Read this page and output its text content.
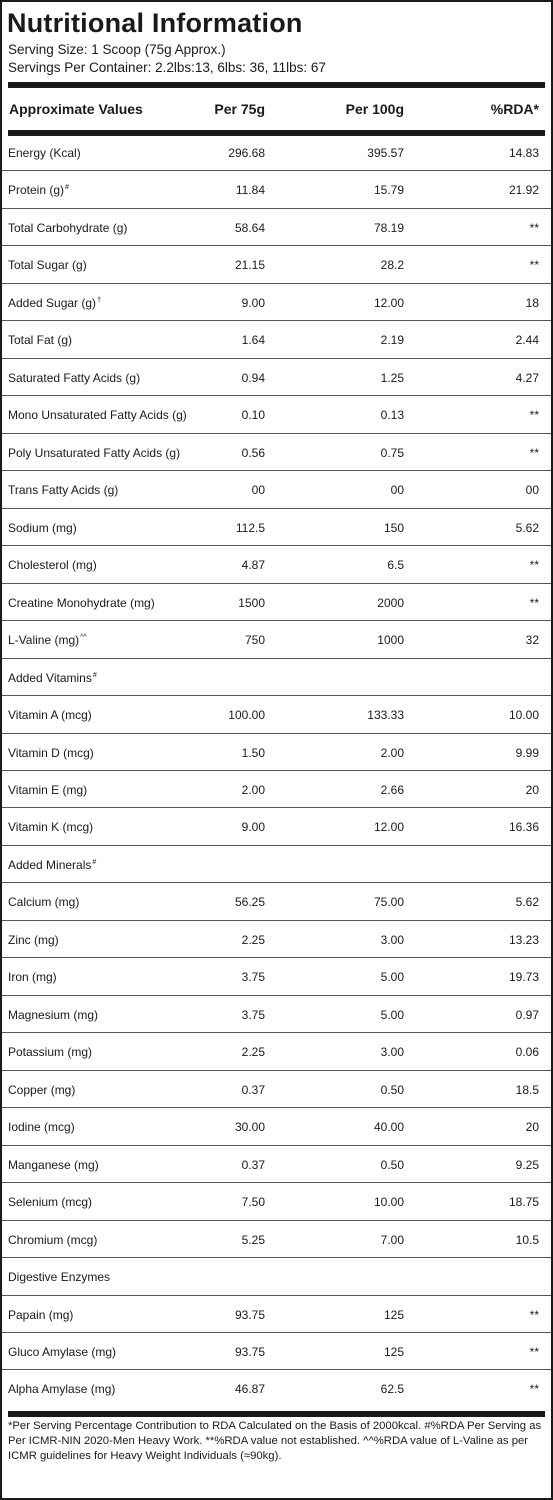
Nutritional Information
Serving Size: 1 Scoop (75g Approx.)
Servings Per Container: 2.2lbs:13, 6lbs: 36, 11lbs: 67
Approximate Values	Per 75g	Per 100g	%RDA*
Energy (Kcal)	296.68	395.57	14.83
Protein (g)#	11.84	15.79	21.92
Total Carbohydrate (g)	58.64	78.19	**
Total Sugar (g)	21.15	28.2	**
Added Sugar (g)†	9.00	12.00	18
Total Fat (g)	1.64	2.19	2.44
Saturated Fatty Acids (g)	0.94	1.25	4.27
Mono Unsaturated Fatty Acids (g)	0.10	0.13	**
Poly Unsaturated Fatty Acids (g)	0.56	0.75	**
Trans Fatty Acids (g)	00	00	00
Sodium (mg)	112.5	150	5.62
Cholesterol (mg)	4.87	6.5	**
Creatine Monohydrate (mg)	1500	2000	**
L-Valine (mg)^^	750	1000	32
Added Vitamins#
Vitamin A (mcg)	100.00	133.33	10.00
Vitamin D (mcg)	1.50	2.00	9.99
Vitamin E (mg)	2.00	2.66	20
Vitamin K (mcg)	9.00	12.00	16.36
Added Minerals#
Calcium (mg)	56.25	75.00	5.62
Zinc (mg)	2.25	3.00	13.23
Iron (mg)	3.75	5.00	19.73
Magnesium (mg)	3.75	5.00	0.97
Potassium (mg)	2.25	3.00	0.06
Copper (mg)	0.37	0.50	18.5
Iodine (mcg)	30.00	40.00	20
Manganese (mg)	0.37	0.50	9.25
Selenium (mcg)	7.50	10.00	18.75
Chromium (mcg)	5.25	7.00	10.5
Digestive Enzymes
Papain (mg)	93.75	125	**
Gluco Amylase (mg)	93.75	125	**
Alpha Amylase (mg)	46.87	62.5	**
*Per Serving Percentage Contribution to RDA Calculated on the Basis of 2000kcal. #%RDA Per Serving as Per ICMR-NIN 2020-Men Heavy Work. **%RDA value not established. ^^%RDA value of L-Valine as per ICMR guidelines for Heavy Weight Individuals (≈90kg).
